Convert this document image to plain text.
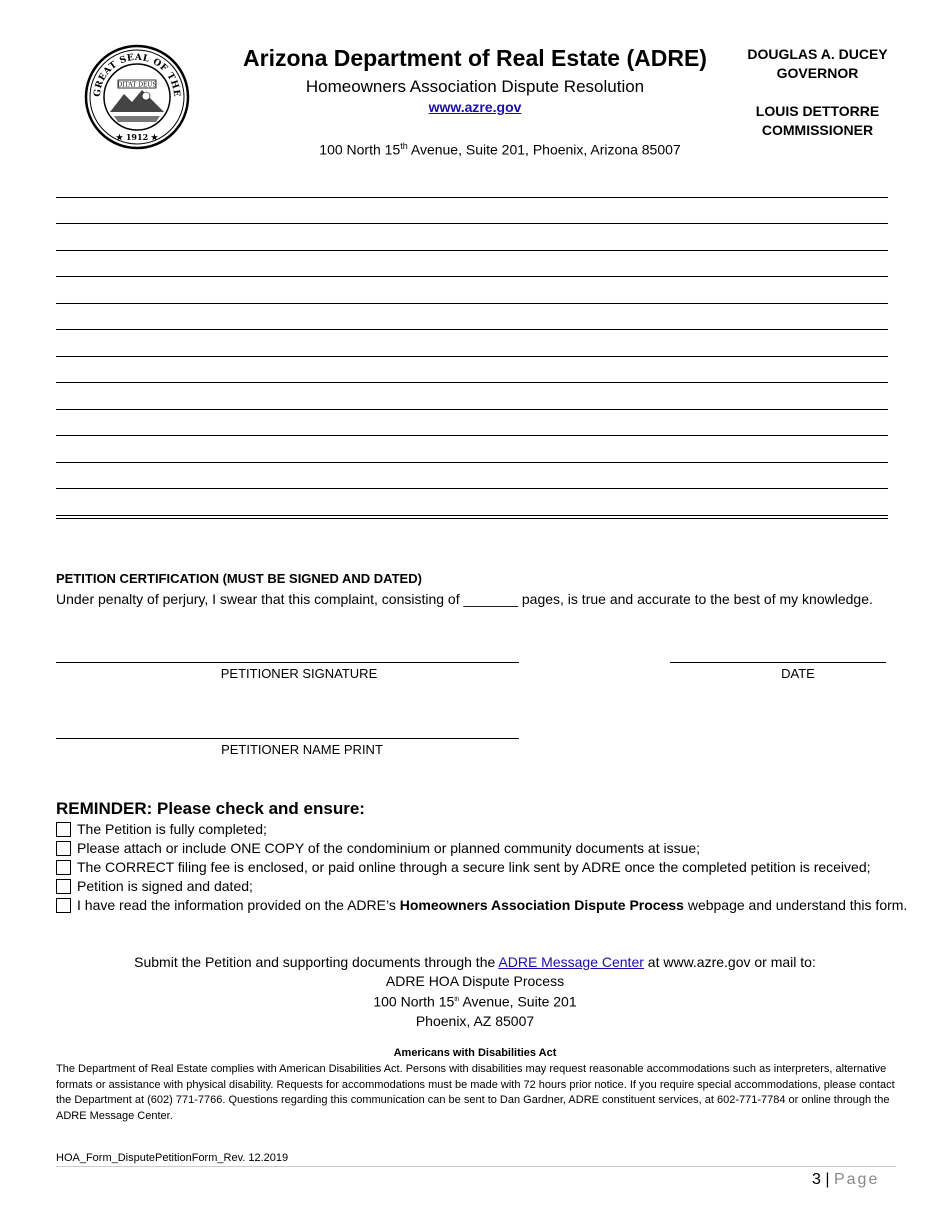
GREAT SEAL OF THE
DITAT DEUS
★ 1912 ★
Arizona Department of Real Estate (ADRE)
Homeowners Association Dispute Resolution
www.azre.gov
100 North 15th Avenue, Suite 201, Phoenix, Arizona 85007
DOUGLAS A. DUCEY
GOVERNOR
LOUIS DETTORRE
COMMISSIONER
PETITION CERTIFICATION (MUST BE SIGNED AND DATED)
Under penalty of perjury, I swear that this complaint, consisting of _______ pages, is true and accurate to the best of my knowledge.
PETITIONER SIGNATURE	DATE
PETITIONER NAME PRINT
REMINDER: Please check and ensure:
The Petition is fully completed;
Please attach or include ONE COPY of the condominium or planned community documents at issue;
The CORRECT filing fee is enclosed, or paid online through a secure link sent by ADRE once the completed petition is received;
Petition is signed and dated;
I have read the information provided on the ADRE’s Homeowners Association Dispute Process webpage and understand this form.
Submit the Petition and supporting documents through the ADRE Message Center at www.azre.gov or mail to:
ADRE HOA Dispute Process
100 North 15th Avenue, Suite 201
Phoenix, AZ 85007
Americans with Disabilities Act
The Department of Real Estate complies with American Disabilities Act. Persons with disabilities may request reasonable accommodations such as interpreters, alternative formats or assistance with physical disability. Requests for accommodations must be made with 72 hours prior notice. If you require special accommodations, please contact the Department at (602) 771-7766. Questions regarding this communication can be sent to Dan Gardner, ADRE constituent services, at 602-771-7784 or online through the ADRE Message Center.
HOA_Form_DisputePetitionForm_Rev. 12.2019
3 | Page
